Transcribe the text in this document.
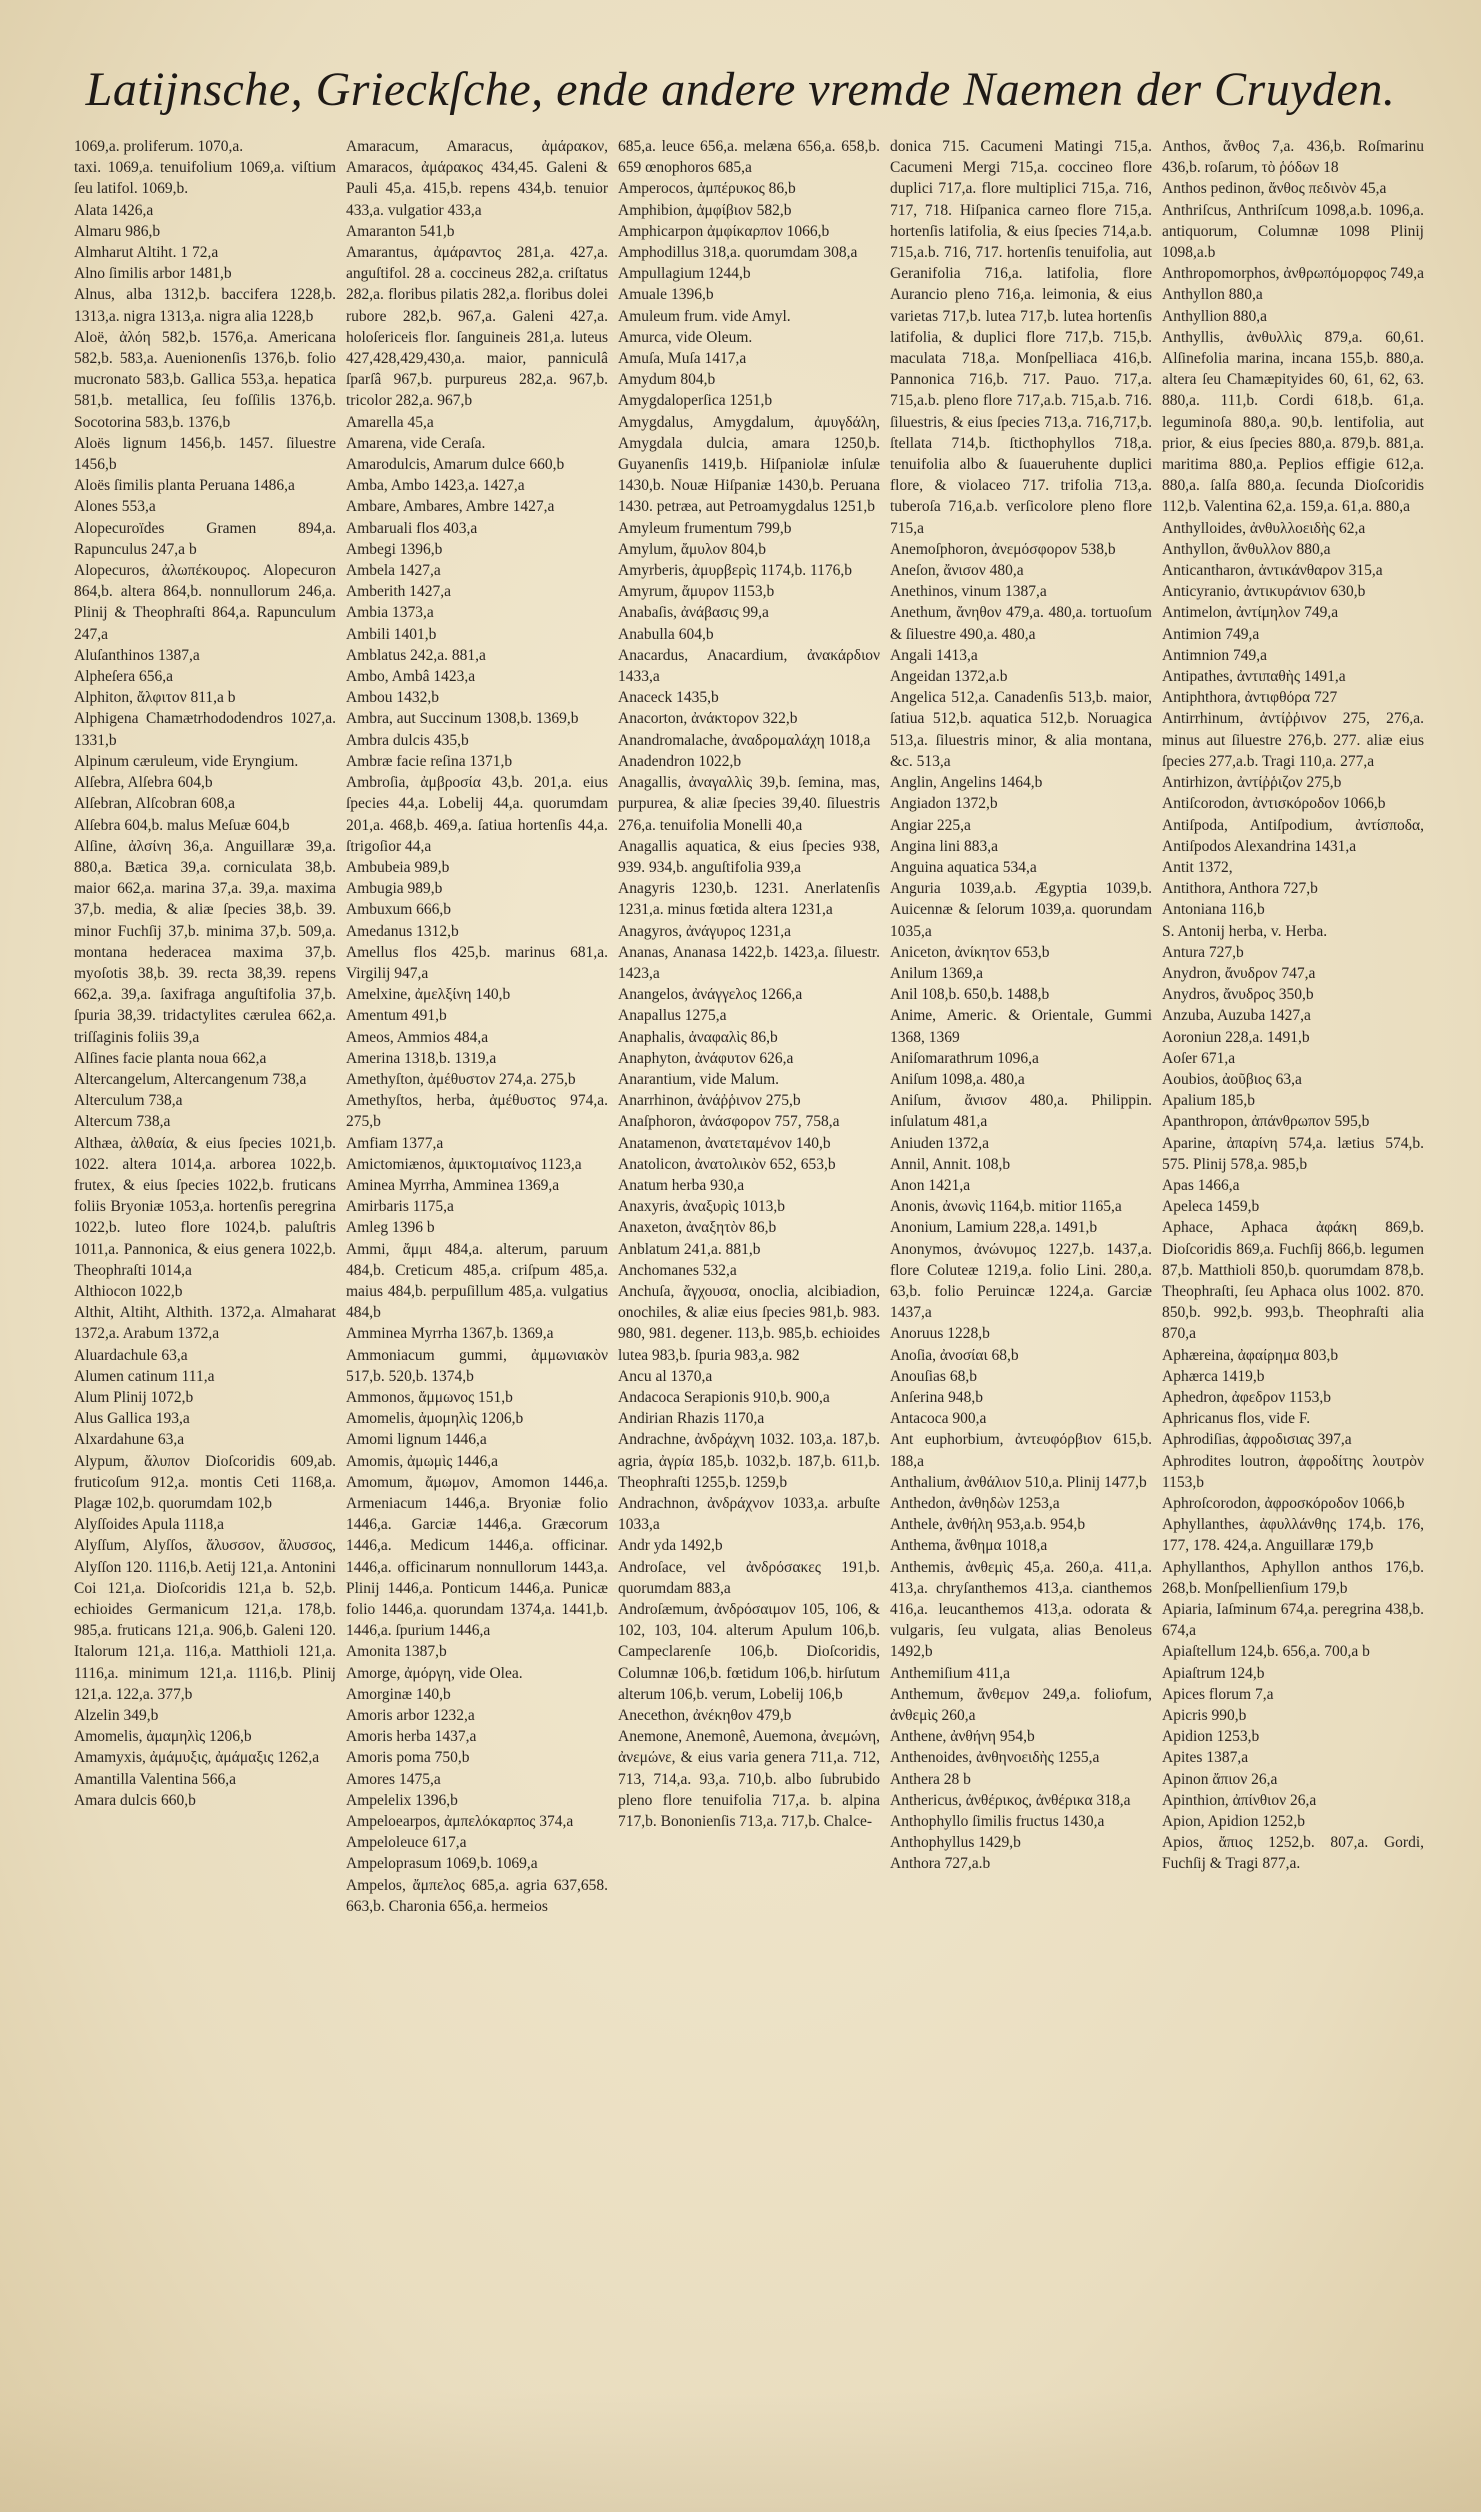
Latijnsche, Grieckſche, ende andere vremde Naemen der Cruyden.
1069,a. proliferum. 1070,a.
taxi. 1069,a. tenuifolium 1069,a. viſtium ſeu latifol. 1069,b.
Alata 1426,a
Almaru 986,b
Almharut Altiht. 1 72,a
Alno ſimilis arbor 1481,b
Alnus, alba 1312,b. baccifera 1228,b. 1313,a. nigra 1313,a. nigra alia 1228,b
Aloë, ἀλόη 582,b. 1576,a. Americana 582,b. 583,a. Auenionenſis 1376,b. folio mucronato 583,b. Gallica 553,a. hepatica 581,b. metallica, ſeu foſſilis 1376,b. Socotorina 583,b. 1376,b
Aloës lignum 1456,b. 1457. ſiluestre 1456,b
Aloës ſimilis planta Peruana 1486,a
Alones 553,a
Alopecuroïdes Gramen 894,a. Rapunculus 247,a b
Alopecuros, ἀλωπέκουρος. Alopecuron 864,b. altera 864,b. nonnullorum 246,a. Plinij & Theophraſti 864,a. Rapunculum 247,a
Aluſanthinos 1387,a
Alpheſera 656,a
Alphiton, ἄλφιτον 811,a b
Alphigena Chamætrhododendros 1027,a. 1331,b
Alpinum cæruleum, vide Eryngium.
Alſebra, Alſebra 604,b
Alſebran, Alſcobran 608,a
Alſebra 604,b. malus Meſuæ 604,b
Alſine, ἀλσίνη 36,a. Anguillaræ 39,a. 880,a. Bætica 39,a. corniculata 38,b. maior 662,a. marina 37,a. 39,a. maxima 37,b. media, & aliæ ſpecies 38,b. 39. minor Fuchſij 37,b. minima 37,b. 509,a. montana hederacea maxima 37,b. myoſotis 38,b. 39. recta 38,39. repens 662,a. 39,a. ſaxifraga anguſtifolia 37,b. ſpuria 38,39. tridactylites cærulea 662,a. triſſaginis foliis 39,a
Alſines facie planta noua 662,a
Altercangelum, Altercangenum 738,a
Alterculum 738,a
Altercum 738,a
Althæa, ἀλθαία, & eius ſpecies 1021,b. 1022. altera 1014,a. arborea 1022,b. frutex, & eius ſpecies 1022,b. fruticans foliis Bryoniæ 1053,a. hortenſis peregrina 1022,b. luteo flore 1024,b. paluſtris 1011,a. Pannonica, & eius genera 1022,b. Theophraſti 1014,a
Althiocon 1022,b
Althit, Altiht, Althith. 1372,a. Almaharat 1372,a. Arabum 1372,a
Aluardachule 63,a
Alumen catinum 111,a
Alum Plinij 1072,b
Alus Gallica 193,a
Alxardahune 63,a
Alypum, ἄλυπον Dioſcoridis 609,ab. fruticoſum 912,a. montis Ceti 1168,a. Plagæ 102,b. quorumdam 102,b
Alyſſoides Apula 1118,a
Alyſſum, Alyſſos, ἄλυσσον, ἄλυσσος, Alyſſon 120. 1116,b. Aetij 121,a. Antonini Coi 121,a. Dioſcoridis 121,a b. 52,b. echioides Germanicum 121,a. 178,b. 985,a. fruticans 121,a. 906,b. Galeni 120. Italorum 121,a. 116,a. Matthioli 121,a. 1116,a. minimum 121,a. 1116,b. Plinij 121,a. 122,a. 377,b
Alzelin 349,b
Amomelis, ἀμαμηλὶς 1206,b
Amamyxis, ἀμάμυξις, ἀμάμαξις 1262,a
Amantilla Valentina 566,a
Amara dulcis 660,b
Amaracum, Amaracus, ἀμάρακον, Amaracos, ἀμάρακος 434,45. Galeni & Pauli 45,a. 415,b. repens 434,b. tenuior 433,a. vulgatior 433,a
Amaranton 541,b
Amarantus, ἀμάραντος 281,a. 427,a. anguſtifol. 28 a. coccineus 282,a. criſtatus 282,a. floribus pilatis 282,a. floribus dolei rubore 282,b. 967,a. Galeni 427,a. holoſericeis flor. ſanguineis 281,a. luteus 427,428,429,430,a. maior, panniculâ ſparſâ 967,b. purpureus 282,a. 967,b. tricolor 282,a. 967,b
Amarella 45,a
Amarena, vide Ceraſa.
Amarodulcis, Amarum dulce 660,b
Amba, Ambo 1423,a. 1427,a
Ambare, Ambares, Ambre 1427,a
Ambaruali flos 403,a
Ambegi 1396,b
Ambela 1427,a
Amberith 1427,a
Ambia 1373,a
Ambili 1401,b
Amblatus 242,a. 881,a
Ambo, Ambâ 1423,a
Ambou 1432,b
Ambra, aut Succinum 1308,b. 1369,b
Ambra dulcis 435,b
Ambræ facie reſina 1371,b
Ambroſia, ἀμβροσία 43,b. 201,a. eius ſpecies 44,a. Lobelij 44,a. quorumdam 201,a. 468,b. 469,a. ſatiua hortenſis 44,a. ſtrigoſior 44,a
Ambubeia 989,b
Ambugia 989,b
Ambuxum 666,b
Amedanus 1312,b
Amellus flos 425,b. marinus 681,a. Virgilij 947,a
Amelxine, ἀμελξίνη 140,b
Amentum 491,b
Ameos, Ammios 484,a
Amerina 1318,b. 1319,a
Amethyſton, ἀμέθυστον 274,a. 275,b
Amethyſtos, herba, ἀμέθυστος 974,a. 275,b
Amfiam 1377,a
Amictomiænos, ἀμικτομιαίνος 1123,a
Aminea Myrrha, Amminea 1369,a
Amirbaris 1175,a
Amleg 1396 b
Ammi, ἄμμι 484,a. alterum, paruum 484,b. Creticum 485,a. criſpum 485,a. maius 484,b. perpuſillum 485,a. vulgatius 484,b
Amminea Myrrha 1367,b. 1369,a
Ammoniacum gummi, ἀμμωνιακὸν 517,b. 520,b. 1374,b
Ammonos, ἄμμωνος 151,b
Amomelis, ἀμομηλὶς 1206,b
Amomi lignum 1446,a
Amomis, ἀμωμὶς 1446,a
Amomum, ἄμωμον, Amomon 1446,a. Armeniacum 1446,a. Bryoniæ folio 1446,a. Garciæ 1446,a. Græcorum 1446,a. Medicum 1446,a. officinar. 1446,a. officinarum nonnullorum 1443,a. Plinij 1446,a. Ponticum 1446,a. Punicæ folio 1446,a. quorundam 1374,a. 1441,b. 1446,a. ſpurium 1446,a
Amonita 1387,b
Amorge, ἀμόργη, vide Olea.
Amorginæ 140,b
Amoris arbor 1232,a
Amoris herba 1437,a
Amoris poma 750,b
Amores 1475,a
Ampelelix 1396,b
Ampeloearpos, ἀμπελόκαρπος 374,a
Ampeloleuce 617,a
Ampeloprasum 1069,b. 1069,a
Ampelos, ἄμπελος 685,a. agria 637,658. 663,b. Charonia 656,a. hermeios
685,a. leuce 656,a. melæna 656,a. 658,b. 659 œnophoros 685,a
Amperocos, ἀμπέρυκος 86,b
Amphibion, ἀμφίβιον 582,b
Amphicarpon ἀμφίκαρπον 1066,b
Amphodillus 318,a. quorumdam 308,a
Ampullagium 1244,b
Amuale 1396,b
Amuleum frum. vide Amyl.
Amurca, vide Oleum.
Amuſa, Muſa 1417,a
Amydum 804,b
Amygdaloperſica 1251,b
Amygdalus, Amygdalum, ἀμυγδάλη, Amygdala dulcia, amara 1250,b. Guyanenſis 1419,b. Hiſpaniolæ inſulæ 1430,b. Nouæ Hiſpaniæ 1430,b. Peruana 1430. petræa, aut Petroamygdalus 1251,b
Amyleum frumentum 799,b
Amylum, ἄμυλον 804,b
Amyrberis, ἀμυρβερὶς 1174,b. 1176,b
Amyrum, ἄμυρον 1153,b
Anabaſis, ἀνάβασις 99,a
Anabulla 604,b
Anacardus, Anacardium, ἀνακάρδιον 1433,a
Anaceck 1435,b
Anacorton, ἀνάκτορον 322,b
Anandromalache, ἀναδρομαλάχη 1018,a
Anadendron 1022,b
Anagallis, ἀναγαλλὶς 39,b. ſemina, mas, purpurea, & aliæ ſpecies 39,40. ſiluestris 276,a. tenuifolia Monelli 40,a
Anagallis aquatica, & eius ſpecies 938, 939. 934,b. anguſtifolia 939,a
Anagyris 1230,b. 1231. Anerlatenſis 1231,a. minus fœtida altera 1231,a
Anagyros, ἀνάγυρος 1231,a
Ananas, Ananasa 1422,b. 1423,a. ſiluestr. 1423,a
Anangelos, ἀνάγγελος 1266,a
Anapallus 1275,a
Anaphalis, ἀναφαλὶς 86,b
Anaphyton, ἀνάφυτον 626,a
Anarantium, vide Malum.
Anarrhinon, ἀνάῤῥινον 275,b
Anaſphoron, ἀνάσφορον 757, 758,a
Anatamenon, ἀνατεταμένον 140,b
Anatolicon, ἀνατολικὸν 652, 653,b
Anatum herba 930,a
Anaxyris, ἀναξυρὶς 1013,b
Anaxeton, ἀναξητὸν 86,b
Anblatum 241,a. 881,b
Anchomanes 532,a
Anchuſa, ἄγχουσα, onoclia, alcibiadion, onochiles, & aliæ eius ſpecies 981,b. 983. 980, 981. degener. 113,b. 985,b. echioides lutea 983,b. ſpuria 983,a. 982
Ancu al 1370,a
Andacoca Serapionis 910,b. 900,a
Andirian Rhazis 1170,a
Andrachne, ἀνδράχνη 1032. 103,a. 187,b. agria, ἀγρία 185,b. 1032,b. 187,b. 611,b. Theophraſti 1255,b. 1259,b
Andrachnon, ἀνδράχνον 1033,a. arbuſte 1033,a
Andr yda 1492,b
Androſace, vel ἀνδρόσακες 191,b. quorumdam 883,a
Androſæmum, ἀνδρόσαιμον 105, 106, & 102, 103, 104. alterum Apulum 106,b. Campeclarenſe 106,b. Dioſcoridis, Columnæ 106,b. fœtidum 106,b. hirſutum alterum 106,b. verum, Lobelij 106,b
Anecethon, ἀνέκηθον 479,b
Anemone, Anemonê, Auemona, ἀνεμώνη, ἀνεμώνε, & eius varia genera 711,a. 712, 713, 714,a. 93,a. 710,b. albo ſubrubido pleno flore tenuifolia 717,a. b. alpina 717,b. Bononienſis 713,a. 717,b. Chalce-
donica 715. Cacumeni Matingi 715,a. Cacumeni Mergi 715,a. coccineo flore duplici 717,a. flore multiplici 715,a. 716, 717, 718. Hiſpanica carneo flore 715,a. hortenſis latifolia, & eius ſpecies 714,a.b. 715,a.b. 716, 717. hortenſis tenuifolia, aut Geranifolia 716,a. latifolia, flore Aurancio pleno 716,a. leimonia, & eius varietas 717,b. lutea 717,b. lutea hortenſis latifolia, & duplici flore 717,b. 715,b. maculata 718,a. Monſpelliaca 416,b. Pannonica 716,b. 717. Pauo. 717,a. 715,a.b. pleno flore 717,a.b. 715,a.b. 716. ſiluestris, & eius ſpecies 713,a. 716,717,b. ſtellata 714,b. ſticthophyllos 718,a. tenuifolia albo & ſuaueruhente duplici flore, & violaceo 717. trifolia 713,a. tuberoſa 716,a.b. verſicolore pleno flore 715,a
Anemoſphoron, ἀνεμόσφορον 538,b
Aneſon, ἄνισον 480,a
Anethinos, vinum 1387,a
Anethum, ἄνηθον 479,a. 480,a. tortuoſum & ſiluestre 490,a. 480,a
Angali 1413,a
Angeidan 1372,a.b
Angelica 512,a. Canadenſis 513,b. maior, ſatiua 512,b. aquatica 512,b. Noruagica 513,a. ſiluestris minor, & alia montana, &c. 513,a
Anglin, Angelins 1464,b
Angiadon 1372,b
Angiar 225,a
Angina lini 883,a
Anguina aquatica 534,a
Anguria 1039,a.b. Ægyptia 1039,b. Auicennæ & ſelorum 1039,a. quorundam 1035,a
Aniceton, ἀνίκητον 653,b
Anilum 1369,a
Anil 108,b. 650,b. 1488,b
Anime, Americ. & Orientale, Gummi 1368, 1369
Aniſomarathrum 1096,a
Aniſum 1098,a. 480,a
Aniſum, ἄνισον 480,a. Philippin. inſulatum 481,a
Aniuden 1372,a
Annil, Annit. 108,b
Anon 1421,a
Anonis, ἀνωνὶς 1164,b. mitior 1165,a
Anonium, Lamium 228,a. 1491,b
Anonymos, ἀνώνυμος 1227,b. 1437,a. flore Coluteæ 1219,a. folio Lini. 280,a. 63,b. folio Peruincæ 1224,a. Garciæ 1437,a
Anoruus 1228,b
Anoſia, ἀνοσίαι 68,b
Anouſias 68,b
Anſerina 948,b
Antacoca 900,a
Ant euphorbium, ἀντευφόρβιον 615,b. 188,a
Anthalium, ἀνθάλιον 510,a. Plinij 1477,b
Anthedon, ἀνθηδὼν 1253,a
Anthele, ἀνθήλη 953,a.b. 954,b
Anthema, ἄνθημα 1018,a
Anthemis, ἀνθεμὶς 45,a. 260,a. 411,a. 413,a. chryſanthemos 413,a. cianthemos 416,a. leucanthemos 413,a. odorata & vulgaris, ſeu vulgata, alias Benoleus 1492,b
Anthemiſium 411,a
Anthemum, ἄνθεμον 249,a. foliofum, ἀνθεμὶς 260,a
Anthene, ἀνθήνη 954,b
Anthenoides, ἀνθηνοειδὴς 1255,a
Anthera 28 b
Anthericus, ἀνθέρικος, ἀνθέρικα 318,a
Anthophyllo ſimilis fructus 1430,a
Anthophyllus 1429,b
Anthora 727,a.b
Anthos, ἄνθος 7,a. 436,b. Roſmarinu 436,b. roſarum, τὸ ῥόδων 18
Anthos pedinon, ἄνθος πεδινὸν 45,a
Anthriſcus, Anthriſcum 1098,a.b. 1096,a. antiquorum, Columnæ 1098 Plinij 1098,a.b
Anthropomorphos, ἀνθρωπόμορφος 749,a
Anthyllon 880,a
Anthyllion 880,a
Anthyllis, ἀνθυλλὶς 879,a. 60,61. Alſinefolia marina, incana 155,b. 880,a. altera ſeu Chamæpityides 60, 61, 62, 63. 880,a. 111,b. Cordi 618,b. 61,a. leguminoſa 880,a. 90,b. lentifolia, aut prior, & eius ſpecies 880,a. 879,b. 881,a. maritima 880,a. Peplios effigie 612,a. 880,a. ſalſa 880,a. ſecunda Dioſcoridis 112,b. Valentina 62,a. 159,a. 61,a. 880,a
Anthylloides, ἀνθυλλοειδὴς 62,a
Anthyllon, ἄνθυλλον 880,a
Anticantharon, ἀντικάνθαρον 315,a
Anticyranio, ἀντικυράνιον 630,b
Antimelon, ἀντίμηλον 749,a
Antimion 749,a
Antimnion 749,a
Antipathes, ἀντιπαθὴς 1491,a
Antiphthora, ἀντιφθόρα 727
Antirrhinum, ἀντίῤῥινον 275, 276,a. minus aut ſiluestre 276,b. 277. aliæ eius ſpecies 277,a.b. Tragi 110,a. 277,a
Antirhizon, ἀντίῤῥιζον 275,b
Antiſcorodon, ἀντισκόροδον 1066,b
Antiſpoda, Antiſpodium, ἀντίσποδα, Antiſpodos Alexandrina 1431,a
Antit 1372,
Antithora, Anthora 727,b
Antoniana 116,b
S. Antonij herba, v. Herba.
Antura 727,b
Anydron, ἄνυδρον 747,a
Anydros, ἄνυδρος 350,b
Anzuba, Auzuba 1427,a
Aoroniun 228,a. 1491,b
Aoſer 671,a
Aoubios, ἀοῦβιος 63,a
Apalium 185,b
Apanthropon, ἀπάνθρωπον 595,b
Aparine, ἀπαρίνη 574,a. lætius 574,b. 575. Plinij 578,a. 985,b
Apas 1466,a
Apeleca 1459,b
Aphace, Aphaca ἀφάκη 869,b. Dioſcoridis 869,a. Fuchſij 866,b. legumen 87,b. Matthioli 850,b. quorumdam 878,b. Theophraſti, ſeu Aphaca olus 1002. 870. 850,b. 992,b. 993,b. Theophraſti alia 870,a
Aphæreina, ἀφαίρημα 803,b
Aphærca 1419,b
Aphedron, ἀφεδρον 1153,b
Aphricanus flos, vide F.
Aphrodiſias, ἀφροδισιας 397,a
Aphrodites loutron, ἀφροδίτης λουτρὸν 1153,b
Aphroſcorodon, ἀφροσκόροδον 1066,b
Aphyllanthes, ἀφυλλάνθης 174,b. 176, 177, 178. 424,a. Anguillaræ 179,b
Aphyllanthos, Aphyllon anthos 176,b. 268,b. Monſpellienſium 179,b
Apiaria, Iaſminum 674,a. peregrina 438,b. 674,a
Apiaſtellum 124,b. 656,a. 700,a b
Apiaſtrum 124,b
Apices florum 7,a
Apicris 990,b
Apidion 1253,b
Apites 1387,a
Apinon ἄπιον 26,a
Apinthion, ἀπίνθιον 26,a
Apion, Apidion 1252,b
Apios, ἄπιος 1252,b. 807,a. Gordi, Fuchſij & Tragi 877,a.
